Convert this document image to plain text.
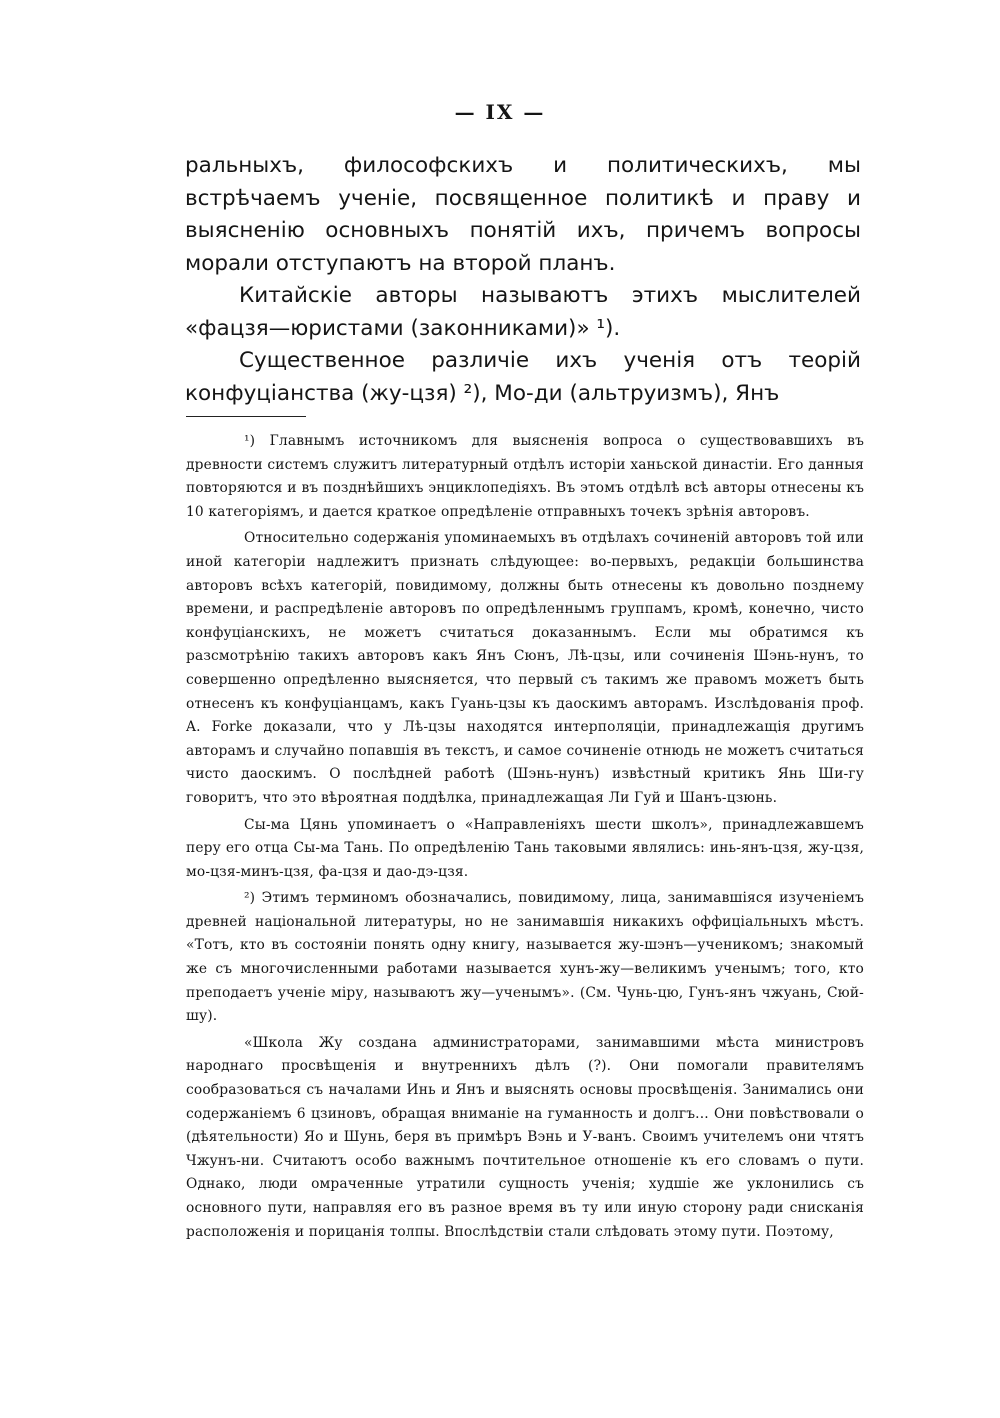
— IX —

ральныхъ, философскихъ и политическихъ, мы встрѣчаемъ ученіе, посвященное политикѣ и праву и выясненію основныхъ понятій ихъ, причемъ вопросы морали отступаютъ на второй планъ.

Китайскіе авторы называютъ этихъ мыслителей «фацзя—юристами (законниками)» ¹).

Существенное различіе ихъ ученія отъ теорій конфуціанства (жу-цзя) ²), Мо-ди (альтруизмъ), Янъ

¹) Главнымъ источникомъ для выясненія вопроса о существовавшихъ въ древности системъ служитъ литературный отдѣлъ исторіи ханьской династіи. Его данныя повторяются и въ позднѣйшихъ энциклопедіяхъ. Въ этомъ отдѣлѣ всѣ авторы отнесены къ 10 категоріямъ, и дается краткое опредѣленіе отправныхъ точекъ зрѣнія авторовъ.

Относительно содержанія упоминаемыхъ въ отдѣлахъ сочиненій авторовъ той или иной категоріи надлежитъ признать слѣдующее: во-первыхъ, редакціи большинства авторовъ всѣхъ категорій, повидимому, должны быть отнесены къ довольно позднему времени, и распредѣленіе авторовъ по опредѣленнымъ группамъ, кромѣ, конечно, чисто конфуціанскихъ, не можетъ считаться доказаннымъ. Если мы обратимся къ разсмотрѣнію такихъ авторовъ какъ Янъ Сюнъ, Лѣ-цзы, или сочиненія Шэнь-нунъ, то совершенно опредѣленно выясняется, что первый съ такимъ же правомъ можетъ быть отнесенъ къ конфуціанцамъ, какъ Гуань-цзы къ даоскимъ авторамъ. Изслѣдованія проф. A. Forke доказали, что у Лѣ-цзы находятся интерполяціи, принадлежащія другимъ авторамъ и случайно попавшія въ текстъ, и самое сочиненіе отнюдь не можетъ считаться чисто даоскимъ. О послѣдней работѣ (Шэнь-нунъ) извѣстный критикъ Янь Ши-гу говоритъ, что это вѣроятная поддѣлка, принадлежащая Ли Гуй и Шанъ-цзюнь.

Сы-ма Цянь упоминаетъ о «Направленіяхъ шести школъ», принадлежавшемъ перу его отца Сы-ма Тань. По опредѣленію Тань таковыми являлись: инь-янъ-цзя, жу-цзя, мо-цзя-минъ-цзя, фа-цзя и дао-дэ-цзя.

²) Этимъ терминомъ обозначались, повидимому, лица, занимавшіяся изученіемъ древней національной литературы, но не занимавшія никакихъ оффиціальныхъ мѣстъ. «Тотъ, кто въ состояніи понять одну книгу, называется жу-шэнъ—ученикомъ; знакомый же съ многочисленными работами называется хунъ-жу—великимъ ученымъ; того, кто преподаетъ ученіе міру, называютъ жу—ученымъ». (См. Чунь-цю, Гунъ-янъ чжуань, Сюй-шу).

«Школа Жу создана администраторами, занимавшими мѣста министровъ народнаго просвѣщенія и внутреннихъ дѣлъ (?). Они помогали правителямъ сообразоваться съ началами Инь и Янъ и выяснять основы просвѣщенія. Занимались они содержаніемъ 6 цзиновъ, обращая вниманіе на гуманность и долгъ... Они повѣствовали о (дѣятельности) Яо и Шунь, беря въ примѣръ Вэнь и У-ванъ. Своимъ учителемъ они чтятъ Чжунъ-ни. Считаютъ особо важнымъ почтительное отношеніе къ его словамъ о пути. Однако, люди омраченные утратили сущность ученія; худшіе же уклонились съ основного пути, направляя его въ разное время въ ту или иную сторону ради снисканія расположенія и порицанія толпы. Впослѣдствіи стали слѣдовать этому пути. Поэтому,
